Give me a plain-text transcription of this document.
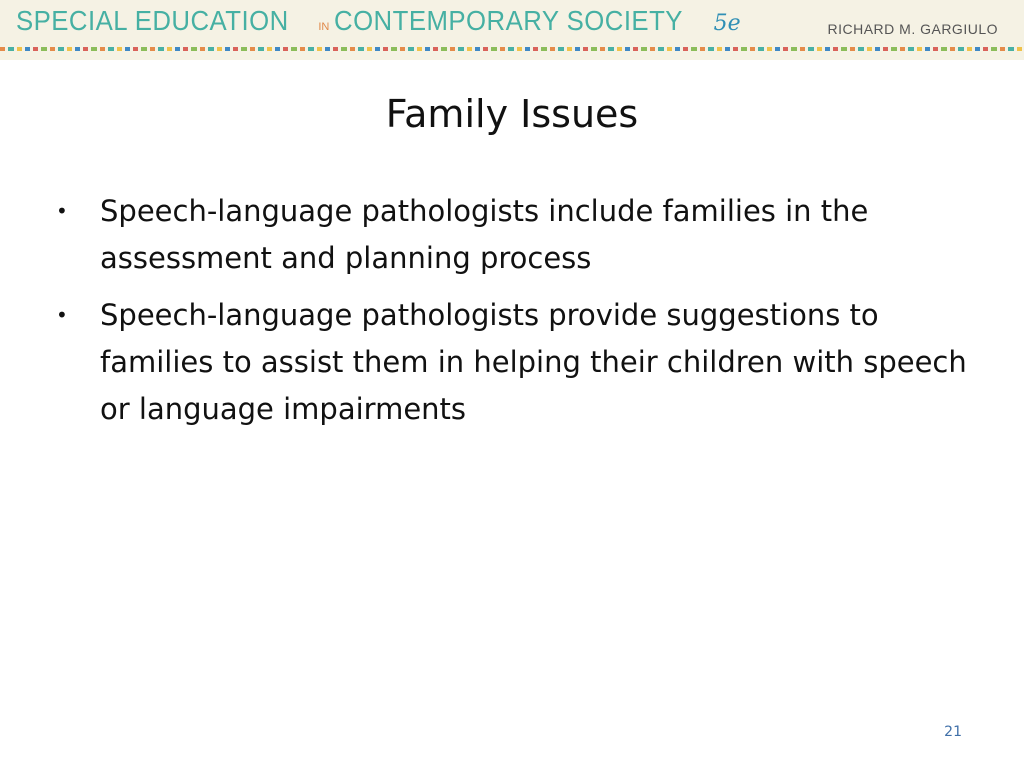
SPECIAL EDUCATION	IN CONTEMPORARY SOCIETY 5e	RICHARD M. GARGIULO
Family Issues
• Speech-language pathologists include families in the assessment and planning process
• Speech-language pathologists provide suggestions to families to assist them in helping their children with speech or language impairments
21
